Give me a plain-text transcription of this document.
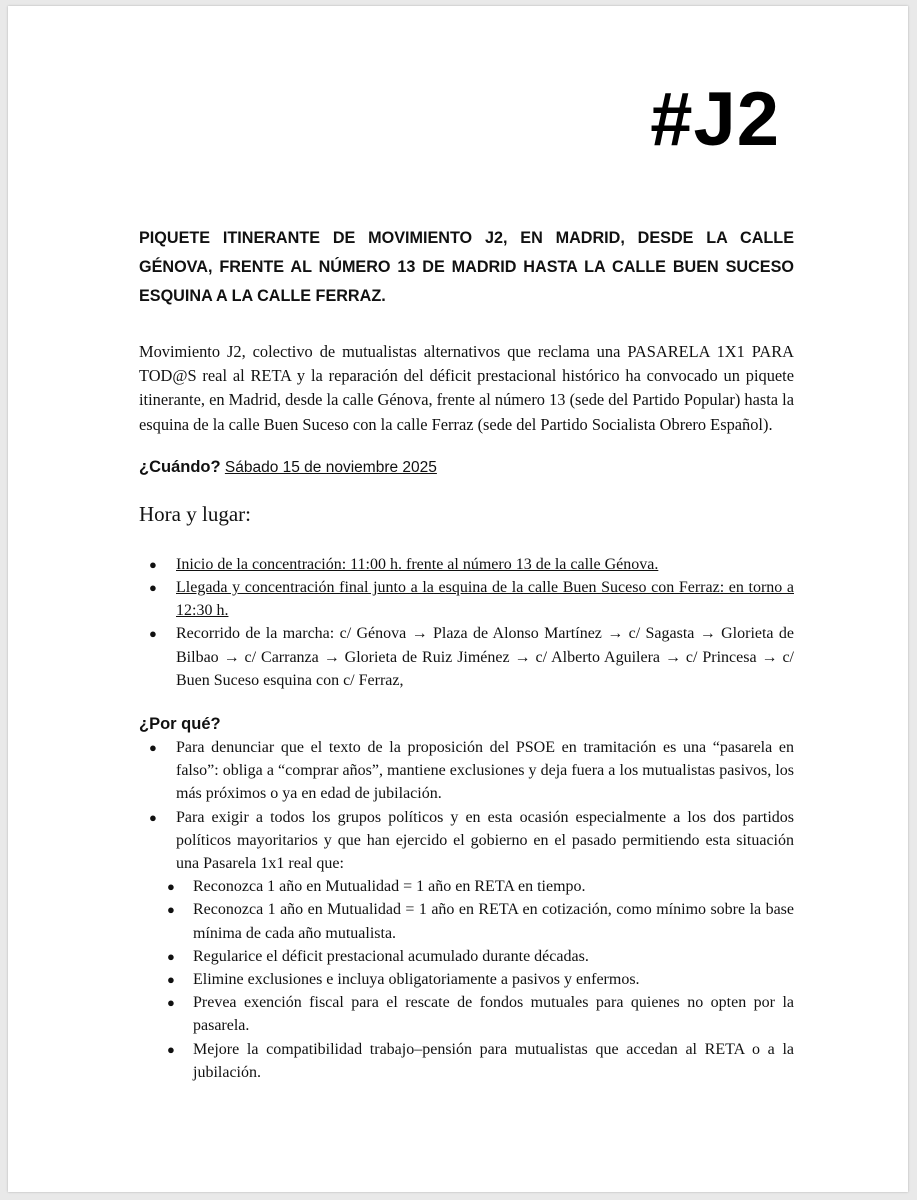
#J2

PIQUETE ITINERANTE DE MOVIMIENTO J2, EN MADRID, DESDE LA CALLE GÉNOVA, FRENTE AL NÚMERO 13 DE MADRID HASTA LA CALLE BUEN SUCESO ESQUINA A LA CALLE FERRAZ.

Movimiento J2, colectivo de mutualistas alternativos que reclama una PASARELA 1X1 PARA TOD@S real al RETA y la reparación del déficit prestacional histórico ha convocado un piquete itinerante, en Madrid, desde la calle Génova, frente al número 13 (sede del Partido Popular) hasta la esquina de la calle Buen Suceso con la calle Ferraz (sede del Partido Socialista Obrero Español).

¿Cuándo? Sábado 15 de noviembre 2025

Hora y lugar:

● Inicio de la concentración: 11:00 h. frente al número 13 de la calle Génova.
● Llegada y concentración final junto a la esquina de la calle Buen Suceso con Ferraz: en torno a 12:30 h.
● Recorrido de la marcha: c/ Génova → Plaza de Alonso Martínez → c/ Sagasta → Glorieta de Bilbao → c/ Carranza → Glorieta de Ruiz Jiménez → c/ Alberto Aguilera → c/ Princesa → c/ Buen Suceso esquina con c/ Ferraz,

¿Por qué?

● Para denunciar que el texto de la proposición del PSOE en tramitación es una “pasarela en falso”: obliga a “comprar años”, mantiene exclusiones y deja fuera a los mutualistas pasivos, los más próximos o ya en edad de jubilación.
● Para exigir a todos los grupos políticos y en esta ocasión especialmente a los dos partidos políticos mayoritarios y que han ejercido el gobierno en el pasado permitiendo esta situación una Pasarela 1x1 real que:
● Reconozca 1 año en Mutualidad = 1 año en RETA en tiempo.
● Reconozca 1 año en Mutualidad = 1 año en RETA en cotización, como mínimo sobre la base mínima de cada año mutualista.
● Regularice el déficit prestacional acumulado durante décadas.
● Elimine exclusiones e incluya obligatoriamente a pasivos y enfermos.
● Prevea exención fiscal para el rescate de fondos mutuales para quienes no opten por la pasarela.
● Mejore la compatibilidad trabajo–pensión para mutualistas que accedan al RETA o a la jubilación.
